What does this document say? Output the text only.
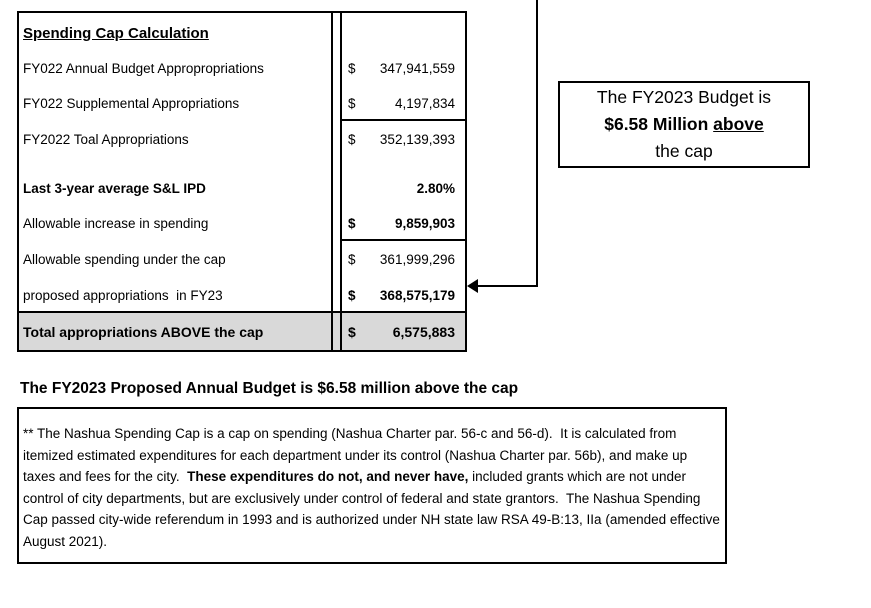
Spending Cap Calculation
FY022 Annual Budget Appropropriations	$ 347,941,559
FY022 Supplemental Appropriations	$	4,197,834
FY2022 Toal Appropriations	$ 352,139,393
Last 3-year average S&L IPD	2.80%
Allowable increase in spending	$	9,859,903
Allowable spending under the cap	$ 361,999,296
proposed appropriations  in FY23	$ 368,575,179
Total appropriations ABOVE the cap	$	6,575,883
The FY2023 Budget is
$6.58 Million above
the cap
The FY2023 Proposed Annual Budget is $6.58 million above the cap
** The Nashua Spending Cap is a cap on spending (Nashua Charter par. 56-c and 56-d).  It is calculated from itemized estimated expenditures for each department under its control (Nashua Charter par. 56b), and make up taxes and fees for the city.  These expenditures do not, and never have, included grants which are not under control of city departments, but are exclusively under control of federal and state grantors.  The Nashua Spending Cap passed city-wide referendum in 1993 and is authorized under NH state law RSA 49-B:13, IIa (amended effective August 2021).
